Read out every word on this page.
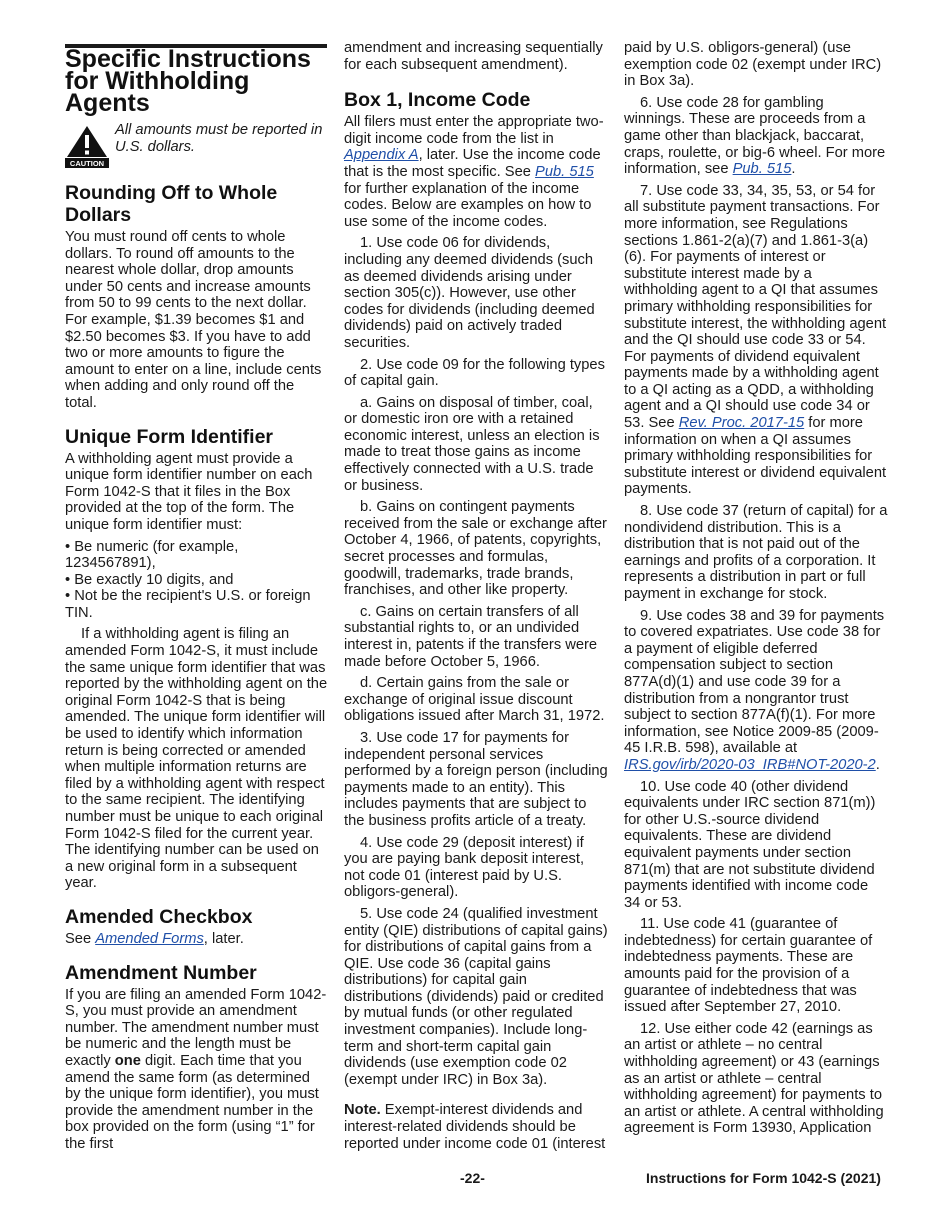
Specific Instructions for Withholding Agents
CAUTION
All amounts must be reported in U.S. dollars.
Rounding Off to Whole Dollars

You must round off cents to whole dollars. To round off amounts to the nearest whole dollar, drop amounts under 50 cents and increase amounts from 50 to 99 cents to the next dollar. For example, $1.39 becomes $1 and $2.50 becomes $3. If you have to add two or more amounts to figure the amount to enter on a line, include cents when adding and only round off the total.

Unique Form Identifier

A withholding agent must provide a unique form identifier number on each Form 1042-S that it files in the Box provided at the top of the form. The unique form identifier must:

• Be numeric (for example, 1234567891),
• Be exactly 10 digits, and
• Not be the recipient's U.S. or foreign TIN.

If a withholding agent is filing an amended Form 1042-S, it must include the same unique form identifier that was reported by the withholding agent on the original Form 1042-S that is being amended. The unique form identifier will be used to identify which information return is being corrected or amended when multiple information returns are filed by a withholding agent with respect to the same recipient. The identifying number must be unique to each original Form 1042-S filed for the current year. The identifying number can be used on a new original form in a subsequent year.

Amended Checkbox

See Amended Forms, later.

Amendment Number

If you are filing an amended Form 1042-S, you must provide an amendment number. The amendment number must be numeric and the length must be exactly one digit. Each time that you amend the same form (as determined by the unique form identifier), you must provide the amendment number in the box provided on the form (using “1” for the first

amendment and increasing sequentially for each subsequent amendment).

Box 1, Income Code

All filers must enter the appropriate two-digit income code from the list in Appendix A, later. Use the income code that is the most specific. See Pub. 515 for further explanation of the income codes. Below are examples on how to use some of the income codes.

1. Use code 06 for dividends, including any deemed dividends (such as deemed dividends arising under section 305(c)). However, use other codes for dividends (including deemed dividends) paid on actively traded securities.

2. Use code 09 for the following types of capital gain.

a. Gains on disposal of timber, coal, or domestic iron ore with a retained economic interest, unless an election is made to treat those gains as income effectively connected with a U.S. trade or business.

b. Gains on contingent payments received from the sale or exchange after October 4, 1966, of patents, copyrights, secret processes and formulas, goodwill, trademarks, trade brands, franchises, and other like property.

c. Gains on certain transfers of all substantial rights to, or an undivided interest in, patents if the transfers were made before October 5, 1966.

d. Certain gains from the sale or exchange of original issue discount obligations issued after March 31, 1972.

3. Use code 17 for payments for independent personal services performed by a foreign person (including payments made to an entity). This includes payments that are subject to the business profits article of a treaty.

4. Use code 29 (deposit interest) if you are paying bank deposit interest, not code 01 (interest paid by U.S. obligors-general).

5. Use code 24 (qualified investment entity (QIE) distributions of capital gains) for distributions of capital gains from a QIE. Use code 36 (capital gains distributions) for capital gain distributions (dividends) paid or credited by mutual funds (or other regulated investment companies). Include long-term and short-term capital gain dividends (use exemption code 02 (exempt under IRC) in Box 3a).

Note. Exempt-interest dividends and interest-related dividends should be reported under income code 01 (interest

paid by U.S. obligors-general) (use exemption code 02 (exempt under IRC) in Box 3a).

6. Use code 28 for gambling winnings. These are proceeds from a game other than blackjack, baccarat, craps, roulette, or big-6 wheel. For more information, see Pub. 515.

7. Use code 33, 34, 35, 53, or 54 for all substitute payment transactions. For more information, see Regulations sections 1.861-2(a)(7) and 1.861-3(a)(6). For payments of interest or substitute interest made by a withholding agent to a QI that assumes primary withholding responsibilities for substitute interest, the withholding agent and the QI should use code 33 or 54. For payments of dividend equivalent payments made by a withholding agent to a QI acting as a QDD, a withholding agent and a QI should use code 34 or 53. See Rev. Proc. 2017-15 for more information on when a QI assumes primary withholding responsibilities for substitute interest or dividend equivalent payments.

8. Use code 37 (return of capital) for a nondividend distribution. This is a distribution that is not paid out of the earnings and profits of a corporation. It represents a distribution in part or full payment in exchange for stock.

9. Use codes 38 and 39 for payments to covered expatriates. Use code 38 for a payment of eligible deferred compensation subject to section 877A(d)(1) and use code 39 for a distribution from a nongrantor trust subject to section 877A(f)(1). For more information, see Notice 2009-85 (2009-45 I.R.B. 598), available at IRS.gov/irb/2020-03_IRB#NOT-2020-2.

10. Use code 40 (other dividend equivalents under IRC section 871(m)) for other U.S.-source dividend equivalents. These are dividend equivalent payments under section 871(m) that are not substitute dividend payments identified with income code 34 or 53.

11. Use code 41 (guarantee of indebtedness) for certain guarantee of indebtedness payments. These are amounts paid for the provision of a guarantee of indebtedness that was issued after September 27, 2010.

12. Use either code 42 (earnings as an artist or athlete – no central withholding agreement) or 43 (earnings as an artist or athlete – central withholding agreement) for payments to an artist or athlete. A central withholding agreement is Form 13930, Application

-22-	Instructions for Form 1042-S (2021)
